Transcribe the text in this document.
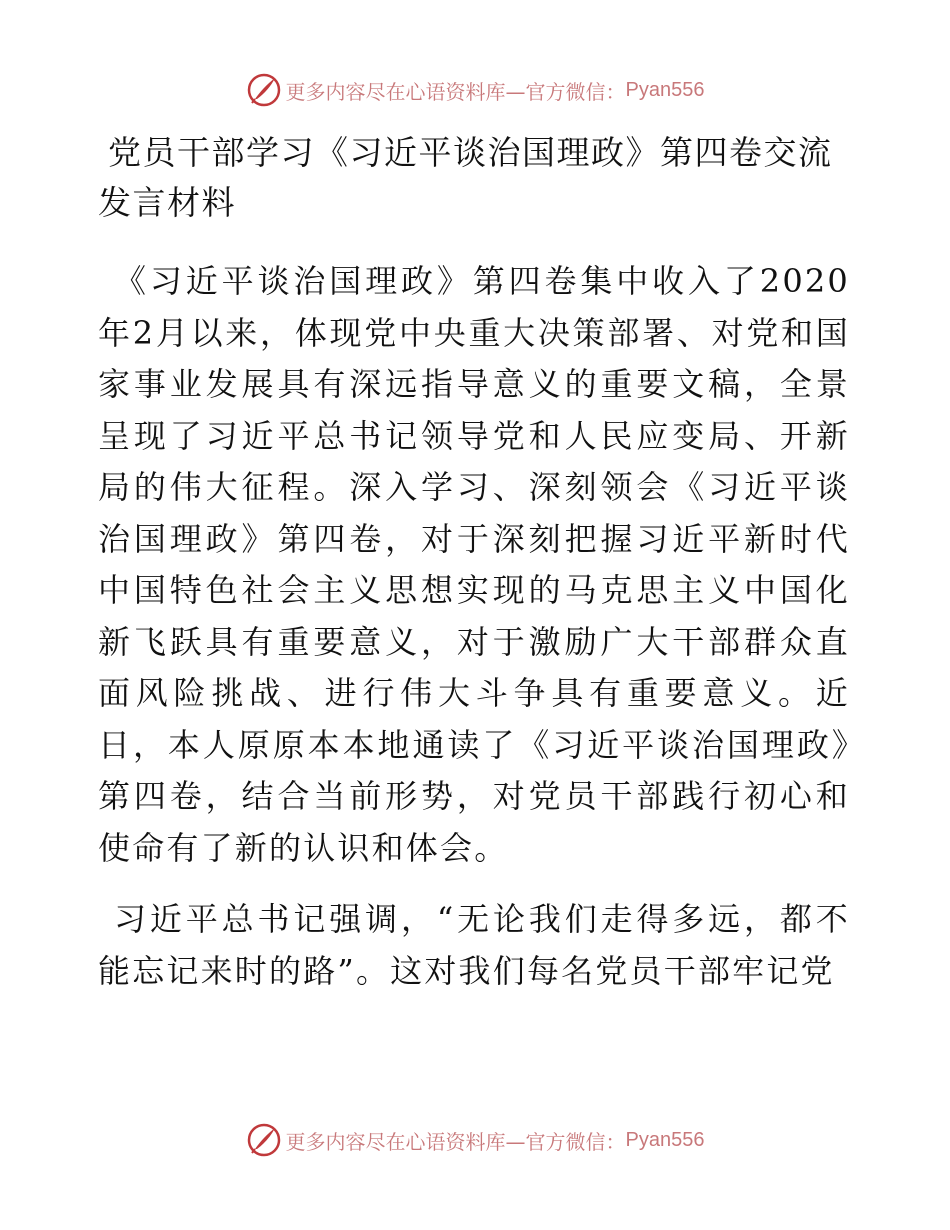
更多内容尽在心语资料库—官方微信： Pyan556
党员干部学习《习近平谈治国理政》第四卷交流发言材料

《习近平谈治国理政》第四卷集中收入了2020年2月以来，体现党中央重大决策部署、对党和国家事业发展具有深远指导意义的重要文稿，全景呈现了习近平总书记领导党和人民应变局、开新局的伟大征程。深入学习、深刻领会《习近平谈治国理政》第四卷，对于深刻把握习近平新时代中国特色社会主义思想实现的马克思主义中国化新飞跃具有重要意义，对于激励广大干部群众直面风险挑战、进行伟大斗争具有重要意义。近日，本人原原本本地通读了《习近平谈治国理政》第四卷，结合当前形势，对党员干部践行初心和使命有了新的认识和体会。

习近平总书记强调，“无论我们走得多远，都不能忘记来时的路”。这对我们每名党员干部牢记党

更多内容尽在心语资料库—官方微信： Pyan556
